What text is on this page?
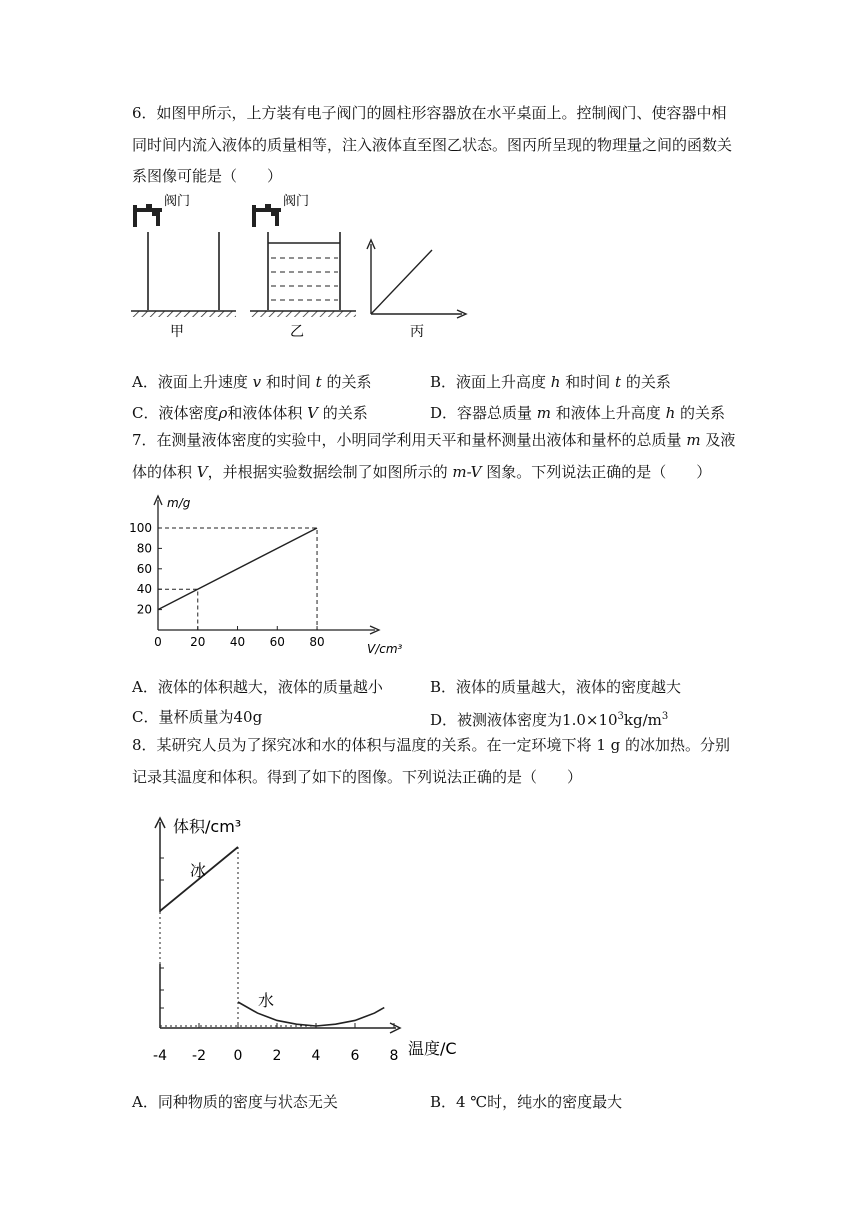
6．如图甲所示，上方装有电子阀门的圆柱形容器放在水平桌面上。控制阀门、使容器中相
同时间内流入液体的质量相等，注入液体直至图乙状态。图丙所呈现的物理量之间的函数关
系图像可能是（　　）
阀门
甲
阀门
乙	丙
A．液面上升速度 v 和时间 t 的关系	B．液面上升高度 h 和时间 t 的关系
C．液体密度ρ和液体体积 V 的关系	D．容器总质量 m 和液体上升高度 h 的关系
7．在测量液体密度的实验中，小明同学利用天平和量杯测量出液体和量杯的总质量 m 及液
体的体积 V，并根据实验数据绘制了如图所示的 m-V 图象。下列说法正确的是（　　）
m/g
V/cm³
20
40
60
80
100
0 20 40 60 80
A．液体的体积越大，液体的质量越小	B．液体的质量越大，液体的密度越大
C．量杯质量为40g	D．被测液体密度为$1.0\times 10^3kg/m^3$
8．某研究人员为了探究冰和水的体积与温度的关系。在一定环境下将 1 g 的冰加热。分别
记录其温度和体积。得到了如下的图像。下列说法正确的是（　　）
体积/cm³
温度/C
-4 -2 0 2 4 6 8
冰
水
A．同种物质的密度与状态无关	B．4 ℃时，纯水的密度最大
